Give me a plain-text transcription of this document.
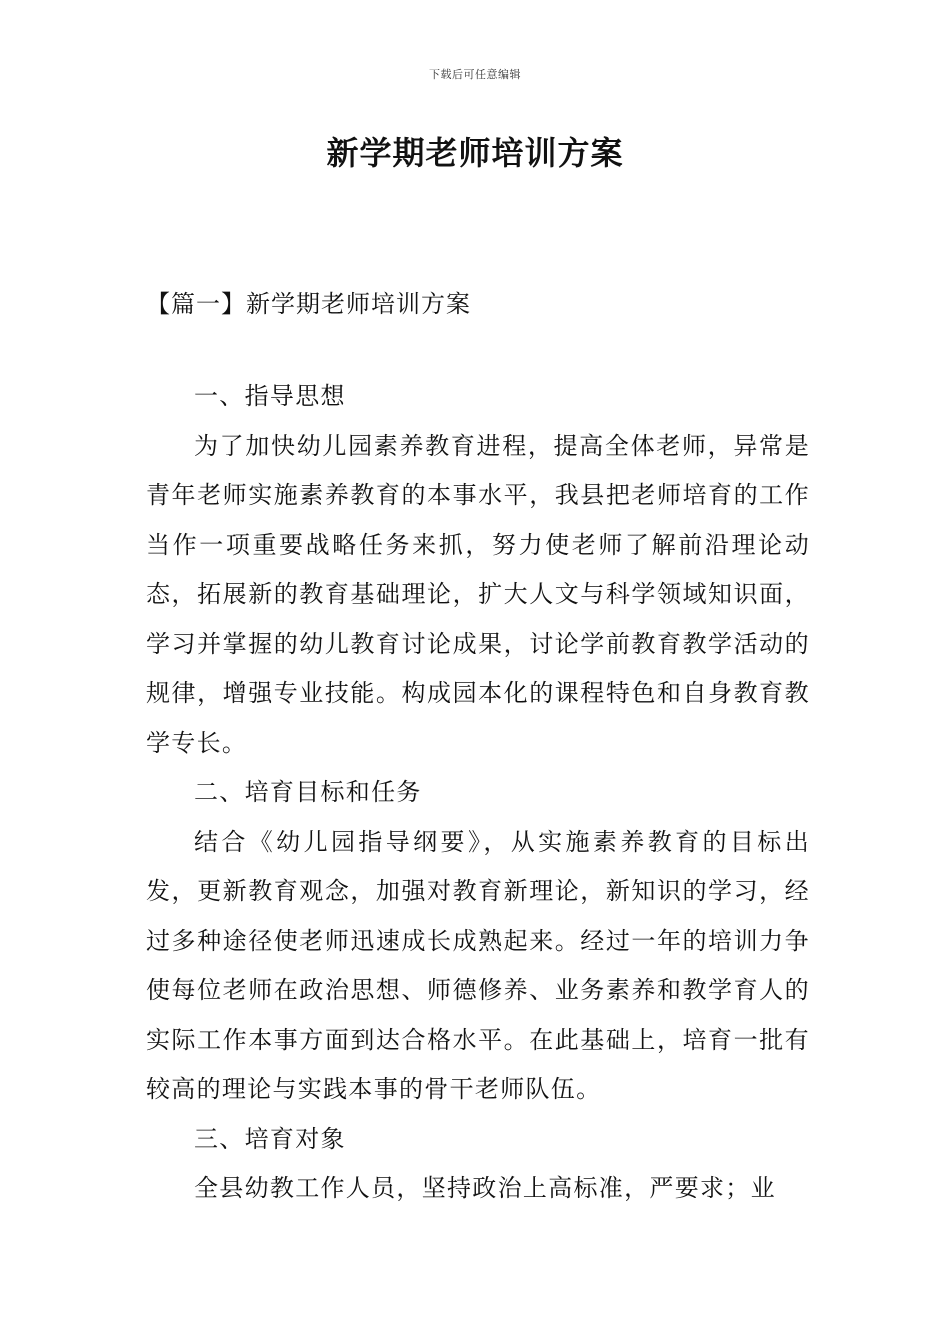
下载后可任意编辑
新学期老师培训方案
【篇一】新学期老师培训方案

一、指导思想

为了加快幼儿园素养教育进程，提高全体老师，异常是青年老师实施素养教育的本事水平，我县把老师培育的工作当作一项重要战略任务来抓，努力使老师了解前沿理论动态，拓展新的教育基础理论，扩大人文与科学领域知识面，学习并掌握的幼儿教育讨论成果，讨论学前教育教学活动的规律，增强专业技能。构成园本化的课程特色和自身教育教学专长。

二、培育目标和任务

结合《幼儿园指导纲要》，从实施素养教育的目标出发，更新教育观念，加强对教育新理论，新知识的学习，经过多种途径使老师迅速成长成熟起来。经过一年的培训力争使每位老师在政治思想、师德修养、业务素养和教学育人的实际工作本事方面到达合格水平。在此基础上，培育一批有较高的理论与实践本事的骨干老师队伍。

三、培育对象

全县幼教工作人员，坚持政治上高标准，严要求；业
